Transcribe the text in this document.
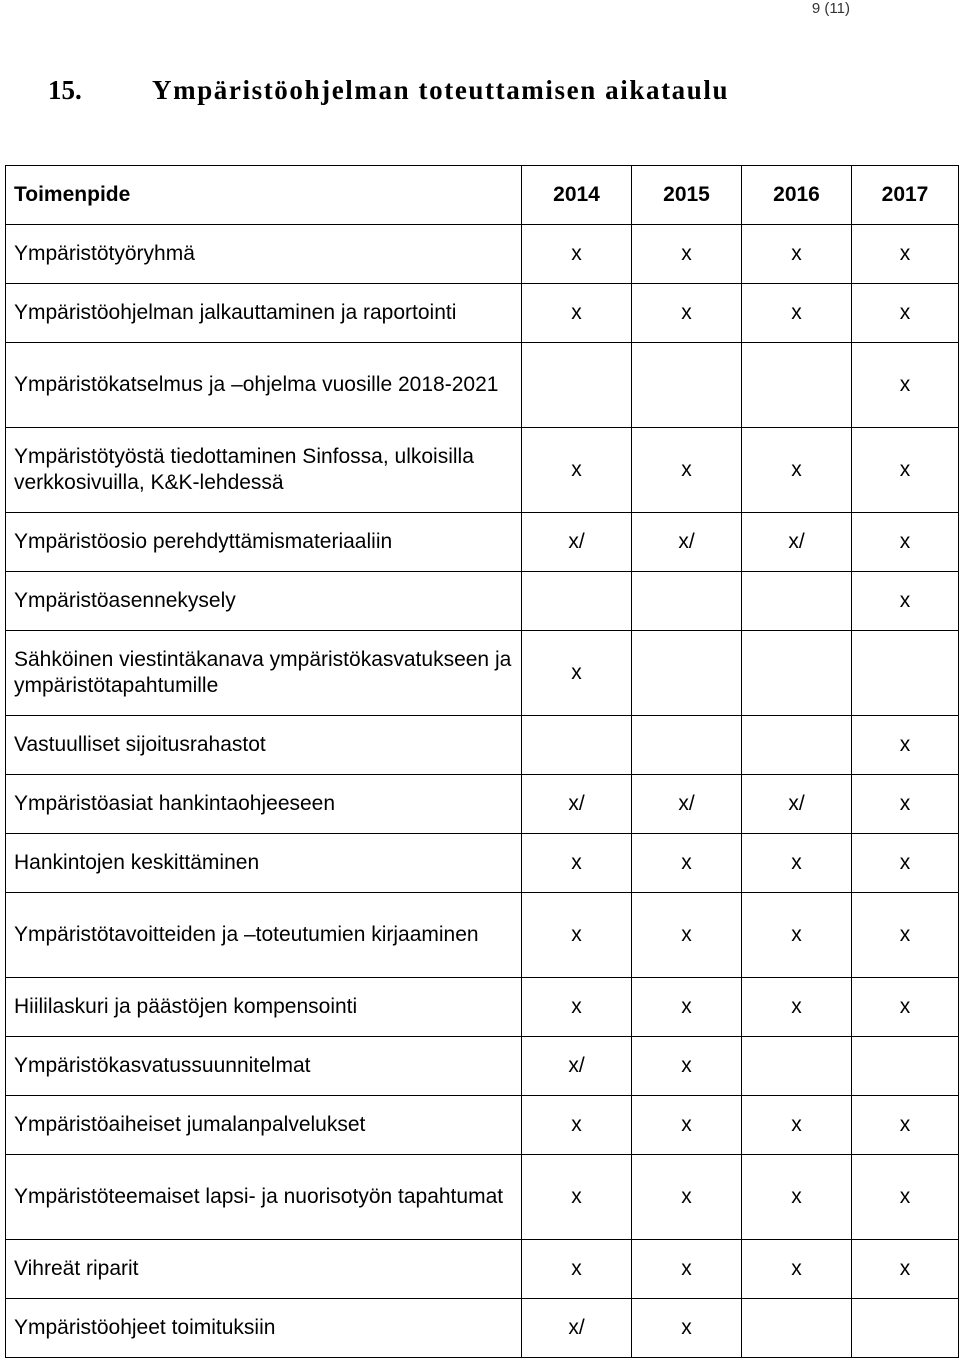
9 (11)
15.	Ympäristöohjelman toteuttamisen aikataulu
Toimenpide	2014	2015	2016	2017
Ympäristötyöryhmä	x	x	x	x
Ympäristöohjelman jalkauttaminen ja raportointi	x	x	x	x
Ympäristökatselmus ja –ohjelma vuosille 2018-2021				x
Ympäristötyöstä tiedottaminen Sinfossa, ulkoisilla verkkosivuilla, K&K-lehdessä	x	x	x	x
Ympäristöosio perehdyttämismateriaaliin	x/	x/	x/	x
Ympäristöasennekysely				x
Sähköinen viestintäkanava ympäristökasvatukseen ja ympäristötapahtumille	x			
Vastuulliset sijoitusrahastot				x
Ympäristöasiat hankintaohjeeseen	x/	x/	x/	x
Hankintojen keskittäminen	x	x	x	x
Ympäristötavoitteiden ja –toteutumien kirjaaminen	x	x	x	x
Hiililaskuri ja päästöjen kompensointi	x	x	x	x
Ympäristökasvatussuunnitelmat	x/	x		
Ympäristöaiheiset jumalanpalvelukset	x	x	x	x
Ympäristöteemaiset lapsi- ja nuorisotyön tapahtumat	x	x	x	x
Vihreät riparit	x	x	x	x
Ympäristöohjeet toimituksiin	x/	x		
